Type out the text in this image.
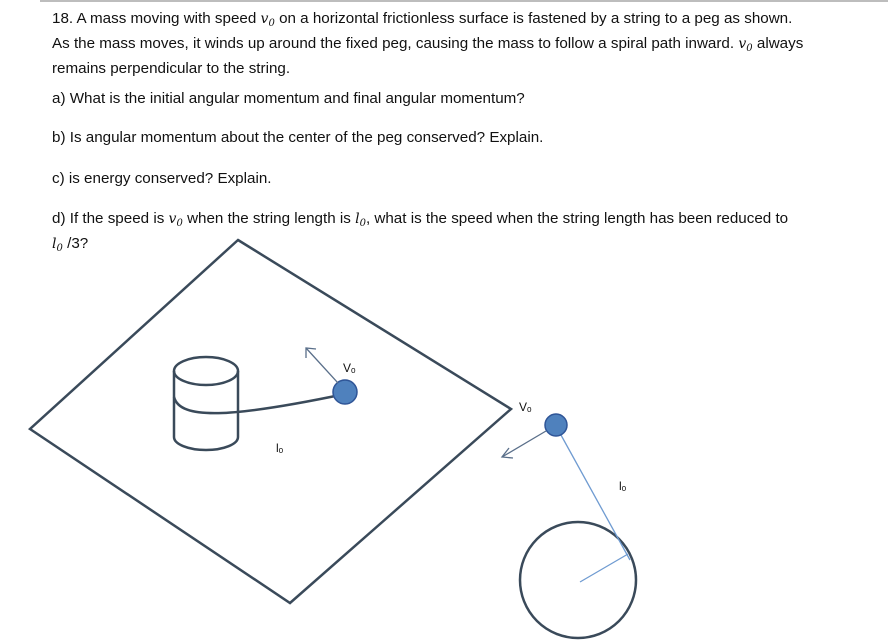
18. A mass moving with speed $v_0$ on a horizontal frictionless surface is fastened by a string to a peg as shown.
As the mass moves, it winds up around the fixed peg, causing the mass to follow a spiral path inward. $v_0$ always
remains perpendicular to the string.
a) What is the initial angular momentum and final angular momentum?
b) Is angular momentum about the center of the peg conserved? Explain.
c) is energy conserved? Explain.
d) If the speed is $v_0$ when the string length is $l_0$, what is the speed when the string length has been reduced to
$l_0$ /3?
Vₒ
lₒ
Vₒ
lₒ
